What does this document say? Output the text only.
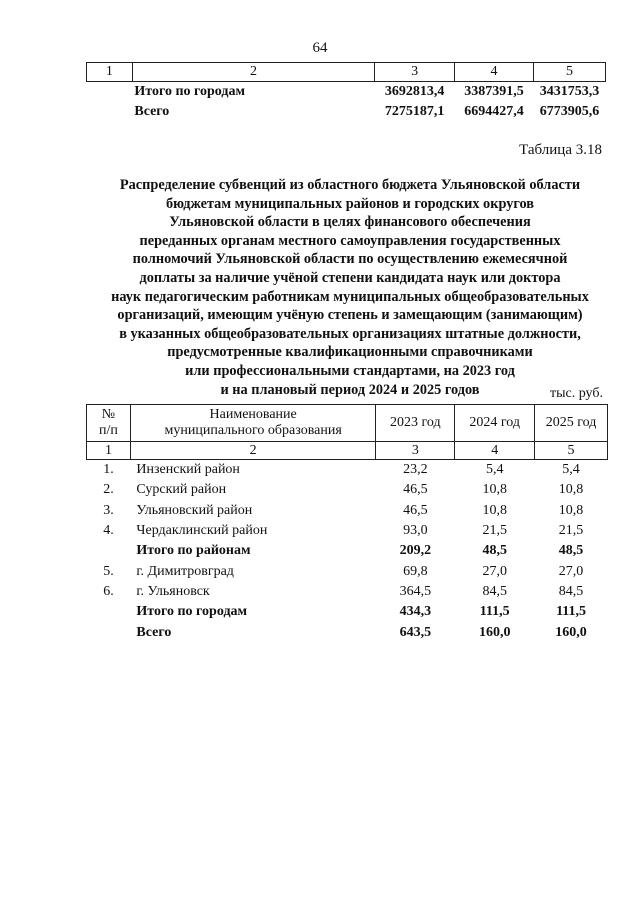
64
1	2	3	4	5
	Итого по городам	3692813,4	3387391,5	3431753,3
	Всего	7275187,1	6694427,4	6773905,6
Таблица 3.18
Распределение субвенций из областного бюджета Ульяновской области
бюджетам муниципальных районов и городских округов
Ульяновской области в целях финансового обеспечения
переданных органам местного самоуправления государственных
полномочий Ульяновской области по осуществлению ежемесячной
доплаты за наличие учёной степени кандидата наук или доктора
наук педагогическим работникам муниципальных общеобразовательных
организаций, имеющим учёную степень и замещающим (занимающим)
в указанных общеобразовательных организациях штатные должности,
предусмотренные квалификационными справочниками
или профессиональными стандартами, на 2023 год
и на плановый период 2024 и 2025 годов	тыс. руб.
№
п/п	Наименование
муниципального образования	2023 год	2024 год	2025 год
1	2	3	4	5
1.	Инзенский район	23,2	5,4	5,4
2.	Сурский район	46,5	10,8	10,8
3.	Ульяновский район	46,5	10,8	10,8
4.	Чердаклинский район	93,0	21,5	21,5
	Итого по районам	209,2	48,5	48,5
5.	г. Димитровград	69,8	27,0	27,0
6.	г. Ульяновск	364,5	84,5	84,5
	Итого по городам	434,3	111,5	111,5
	Всего	643,5	160,0	160,0
